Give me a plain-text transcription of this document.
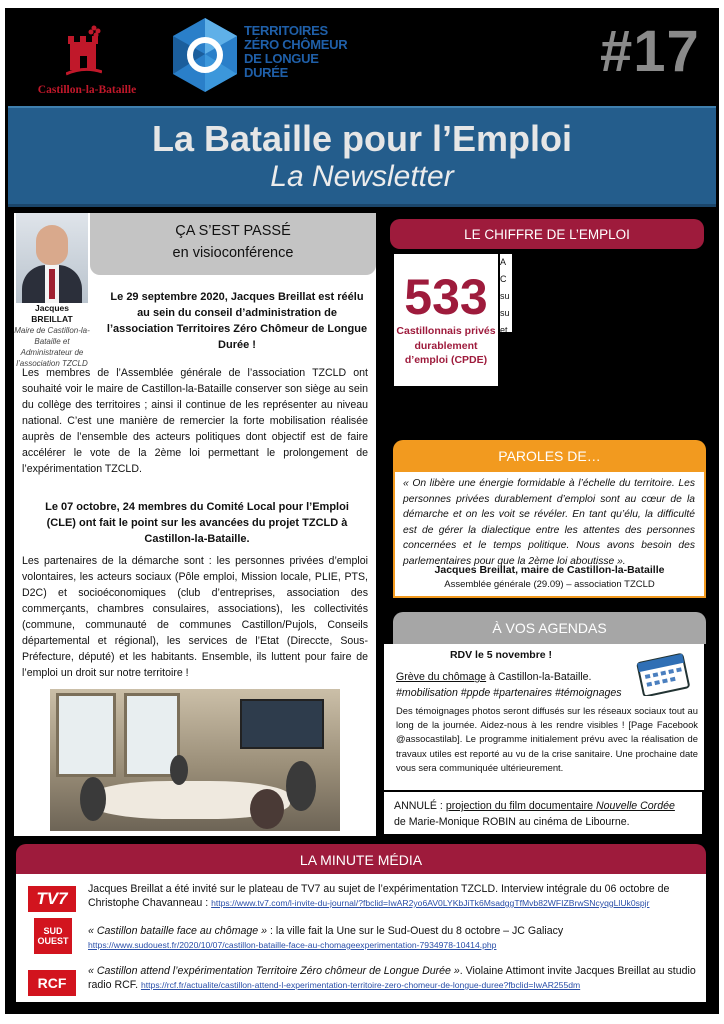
Castillon-la-Bataille
TERRITOIRES
ZÉRO CHÔMEUR
DE LONGUE
DURÉE	#17
La Bataille pour l’Emploi
La Newsletter
Jacques BREILLAT
Maire de Castillon-la-Bataille et Administrateur de l’association TZCLD
ÇA S’EST PASSÉ
en visioconférence
Le 29 septembre 2020, Jacques Breillat est réélu au sein du conseil d’administration de l’association Territoires Zéro Chômeur de Longue Durée !
Les membres de l’Assemblée générale de l’association TZCLD ont souhaité voir le maire de Castillon-la-Bataille conserver son siège au sein du collège des territoires ; ainsi il continue de les représenter au niveau national. C’est une manière de remercier la forte mobilisation réalisée auprès de l’ensemble des acteurs politiques dont objectif est de faire accélérer le vote de la 2ème loi permettant le prolongement de l’expérimentation TZCLD.
Le 07 octobre, 24 membres du Comité Local pour l’Emploi (CLE) ont fait le point sur les avancées du projet TZCLD à Castillon-la-Bataille.
Les partenaires de la démarche sont : les personnes privées d’emploi volontaires, les acteurs sociaux (Pôle emploi, Mission locale, PLIE, PTS, D2C) et socioéconomiques (club d’entreprises, association des commerçants, chambres consulaires, associations), les collectivités (commune, communauté de communes Castillon/Pujols, Conseils départemental et régional), les services de l’Etat (Direccte, Sous-Préfecture, député) et les habitants. Ensemble, ils luttent pour faire de l’emploi un droit sur notre territoire !
LE CHIFFRE DE L’EMPLOI
533
Castillonnais privés durablement d’emploi (CPDE)
A
C
su
su
et
PAROLES DE…
« On libère une énergie formidable à l’échelle du territoire. Les personnes privées durablement d’emploi sont au cœur de la démarche et on les voit se révéler. En tant qu’élu, la difficulté est de gérer la dialectique entre les attentes des personnes concernées et le temps politique. Nous avons besoin des parlementaires pour que la 2ème loi aboutisse ».
Jacques Breillat, maire de Castillon-la-Bataille
Assemblée générale (29.09) – association TZCLD
À VOS AGENDAS
RDV le 5 novembre !
Grève du chômage à Castillon-la-Bataille.
#mobilisation #ppde #partenaires #témoignages
Des témoignages photos seront diffusés sur les réseaux sociaux tout au long de la journée. Aidez-nous à les rendre visibles ! [Page Facebook @assocastilab]. Le programme initialement prévu avec la réalisation de travaux utiles est reporté au vu de la crise sanitaire. Une prochaine date vous sera communiquée ultérieurement.
ANNULÉ : projection du film documentaire Nouvelle Cordée
de Marie-Monique ROBIN au cinéma de Libourne.
LA MINUTE MÉDIA
TV7	Jacques Breillat a été invité sur le plateau de TV7 au sujet de l’expérimentation TZCLD. Interview intégrale du 06 octobre de Christophe Chavanneau : https://www.tv7.com/l-invite-du-journal/?fbclid=IwAR2yo6AV0LYKbJiTk6MsadggTfMvb82WFIZBrwSNcyqgLlUk0spjr
SUD OUEST
« Castillon bataille face au chômage » : la ville fait la Une sur le Sud-Ouest du 8 octobre – JC Galiacy
https://www.sudouest.fr/2020/10/07/castillon-bataille-face-au-chomageexperimentation-7934978-10414.php
RCF
« Castillon attend l’expérimentation Territoire Zéro chômeur de Longue Durée ». Violaine Attimont invite Jacques Breillat au studio radio RCF. https://rcf.fr/actualite/castillon-attend-l-experimentation-territoire-zero-chomeur-de-longue-duree?fbclid=IwAR255dm
